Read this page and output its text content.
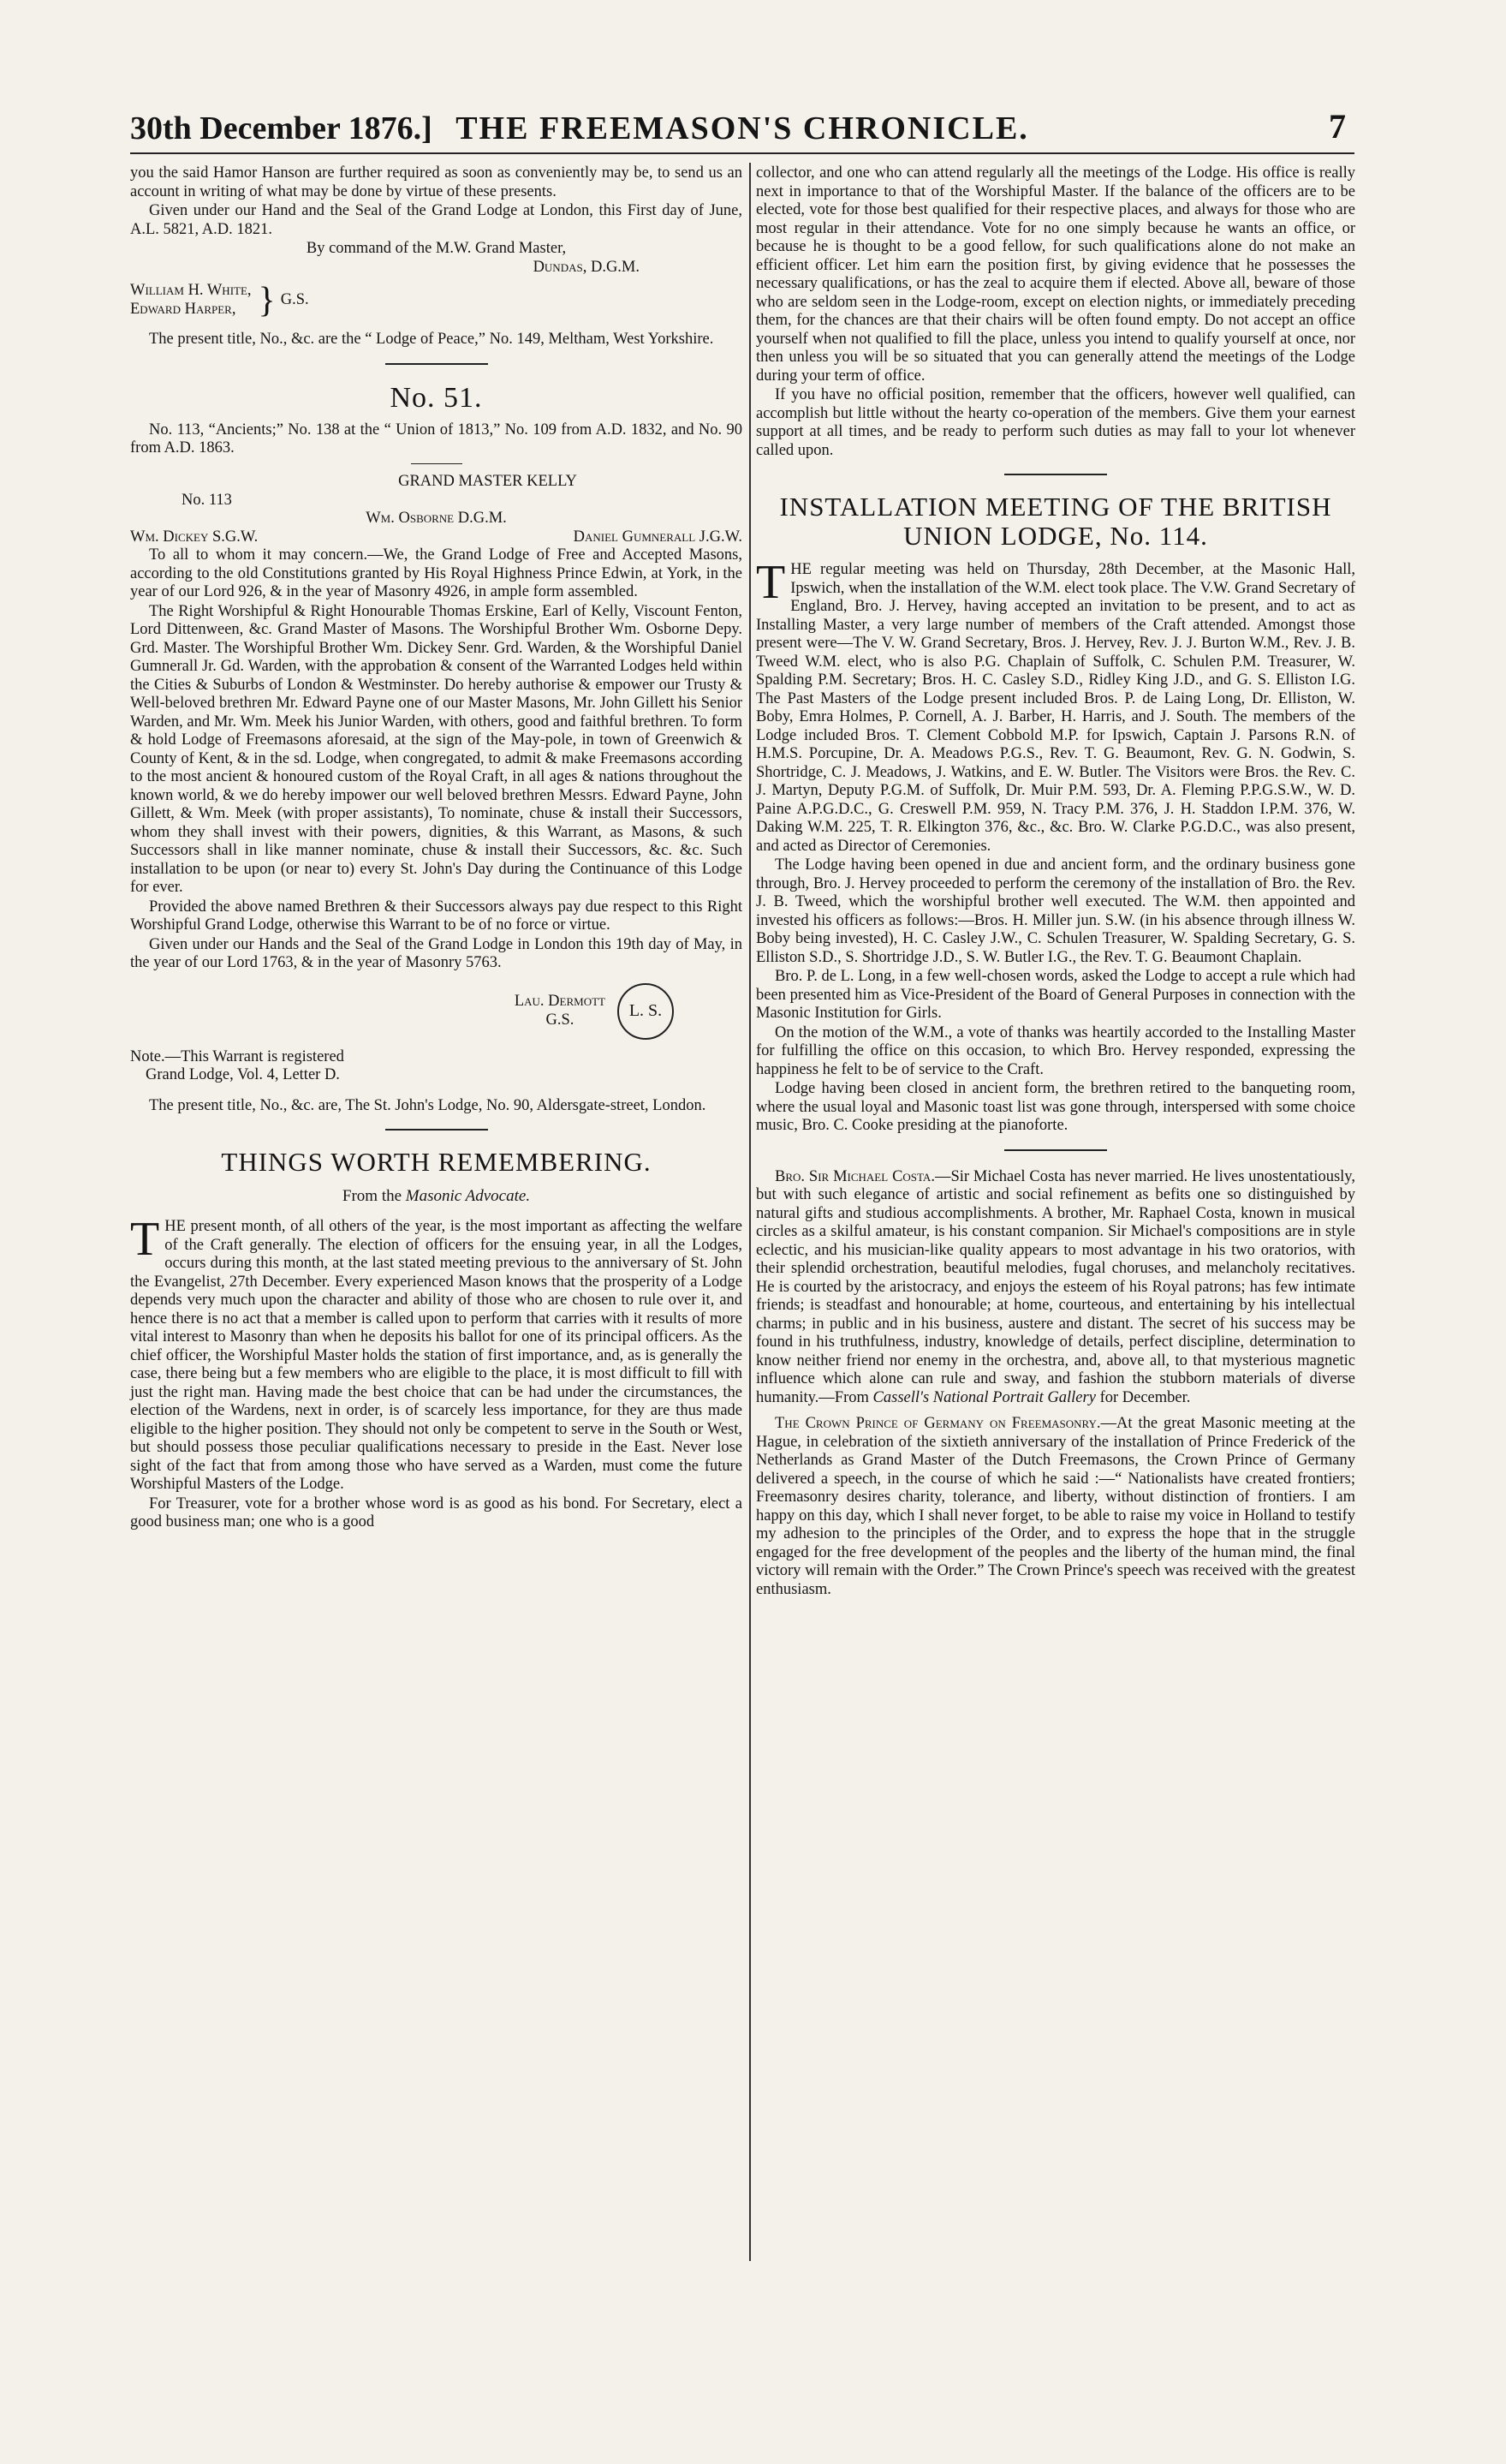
30th December 1876.] THE FREEMASON'S CHRONICLE.	7

you the said Hamor Hanson are further required as soon as conveniently may be, to send us an account in writing of what may be done by virtue of these presents.

Given under our Hand and the Seal of the Grand Lodge at London, this First day of June, A.L. 5821, A.D. 1821.

By command of the M.W. Grand Master,

Dundas, D.G.M.

William H. White,
Edward Harper, } G.S.

The present title, No., &c. are the “ Lodge of Peace,” No. 149, Meltham, West Yorkshire.

No. 51.

No. 113, “Ancients;” No. 138 at the “ Union of 1813,” No. 109 from A.D. 1832, and No. 90 from A.D. 1863.

GRAND MASTER KELLY

No. 113

Wm. Osborne D.G.M.

Wm. Dickey S.G.W.	Daniel Gumnerall J.G.W.

To all to whom it may concern.—We, the Grand Lodge of Free and Accepted Masons, according to the old Constitutions granted by His Royal Highness Prince Edwin, at York, in the year of our Lord 926, & in the year of Masonry 4926, in ample form assembled.

The Right Worshipful & Right Honourable Thomas Erskine, Earl of Kelly, Viscount Fenton, Lord Dittenween, &c. Grand Master of Masons. The Worshipful Brother Wm. Osborne Depy. Grd. Master. The Worshipful Brother Wm. Dickey Senr. Grd. Warden, & the Worshipful Daniel Gumnerall Jr. Gd. Warden, with the approbation & consent of the Warranted Lodges held within the Cities & Suburbs of London & Westminster. Do hereby authorise & empower our Trusty & Well-beloved brethren Mr. Edward Payne one of our Master Masons, Mr. John Gillett his Senior Warden, and Mr. Wm. Meek his Junior Warden, with others, good and faithful brethren. To form & hold Lodge of Freemasons aforesaid, at the sign of the May-pole, in town of Greenwich & County of Kent, & in the sd. Lodge, when congregated, to admit & make Freemasons according to the most ancient & honoured custom of the Royal Craft, in all ages & nations throughout the known world, & we do hereby impower our well beloved brethren Messrs. Edward Payne, John Gillett, & Wm. Meek (with proper assistants), To nominate, chuse & install their Successors, whom they shall invest with their powers, dignities, & this Warrant, as Masons, & such Successors shall in like manner nominate, chuse & install their Successors, &c. &c. Such installation to be upon (or near to) every St. John's Day during the Continuance of this Lodge for ever.

Provided the above named Brethren & their Successors always pay due respect to this Right Worshipful Grand Lodge, otherwise this Warrant to be of no force or virtue.

Given under our Hands and the Seal of the Grand Lodge in London this 19th day of May, in the year of our Lord 1763, & in the year of Masonry 5763.

Lau. Dermott
G.S.	L. S.

Note.—This Warrant is registered

Grand Lodge, Vol. 4, Letter D.

The present title, No., &c. are, The St. John's Lodge, No. 90, Aldersgate-street, London.

THINGS WORTH REMEMBERING.

From the Masonic Advocate.

THE present month, of all others of the year, is the most important as affecting the welfare of the Craft generally. The election of officers for the ensuing year, in all the Lodges, occurs during this month, at the last stated meeting previous to the anniversary of St. John the Evangelist, 27th December. Every experienced Mason knows that the prosperity of a Lodge depends very much upon the character and ability of those who are chosen to rule over it, and hence there is no act that a member is called upon to perform that carries with it results of more vital interest to Masonry than when he deposits his ballot for one of its principal officers. As the chief officer, the Worshipful Master holds the station of first importance, and, as is generally the case, there being but a few members who are eligible to the place, it is most difficult to fill with just the right man. Having made the best choice that can be had under the circumstances, the election of the Wardens, next in order, is of scarcely less importance, for they are thus made eligible to the higher position. They should not only be competent to serve in the South or West, but should possess those peculiar qualifications necessary to preside in the East. Never lose sight of the fact that from among those who have served as a Warden, must come the future Worshipful Masters of the Lodge.

For Treasurer, vote for a brother whose word is as good as his bond. For Secretary, elect a good business man; one who is a good

collector, and one who can attend regularly all the meetings of the Lodge. His office is really next in importance to that of the Worshipful Master. If the balance of the officers are to be elected, vote for those best qualified for their respective places, and always for those who are most regular in their attendance. Vote for no one simply because he wants an office, or because he is thought to be a good fellow, for such qualifications alone do not make an efficient officer. Let him earn the position first, by giving evidence that he possesses the necessary qualifications, or has the zeal to acquire them if elected. Above all, beware of those who are seldom seen in the Lodge-room, except on election nights, or immediately preceding them, for the chances are that their chairs will be often found empty. Do not accept an office yourself when not qualified to fill the place, unless you intend to qualify yourself at once, nor then unless you will be so situated that you can generally attend the meetings of the Lodge during your term of office.

If you have no official position, remember that the officers, however well qualified, can accomplish but little without the hearty co-operation of the members. Give them your earnest support at all times, and be ready to perform such duties as may fall to your lot whenever called upon.

INSTALLATION MEETING OF THE BRITISH UNION LODGE, No. 114.

THE regular meeting was held on Thursday, 28th December, at the Masonic Hall, Ipswich, when the installation of the W.M. elect took place. The V.W. Grand Secretary of England, Bro. J. Hervey, having accepted an invitation to be present, and to act as Installing Master, a very large number of members of the Craft attended. Amongst those present were—The V. W. Grand Secretary, Bros. J. Hervey, Rev. J. J. Burton W.M., Rev. J. B. Tweed W.M. elect, who is also P.G. Chaplain of Suffolk, C. Schulen P.M. Treasurer, W. Spalding P.M. Secretary; Bros. H. C. Casley S.D., Ridley King J.D., and G. S. Elliston I.G. The Past Masters of the Lodge present included Bros. P. de Laing Long, Dr. Elliston, W. Boby, Emra Holmes, P. Cornell, A. J. Barber, H. Harris, and J. South. The members of the Lodge included Bros. T. Clement Cobbold M.P. for Ipswich, Captain J. Parsons R.N. of H.M.S. Porcupine, Dr. A. Meadows P.G.S., Rev. T. G. Beaumont, Rev. G. N. Godwin, S. Shortridge, C. J. Meadows, J. Watkins, and E. W. Butler. The Visitors were Bros. the Rev. C. J. Martyn, Deputy P.G.M. of Suffolk, Dr. Muir P.M. 593, Dr. A. Fleming P.P.G.S.W., W. D. Paine A.P.G.D.C., G. Creswell P.M. 959, N. Tracy P.M. 376, J. H. Staddon I.P.M. 376, W. Daking W.M. 225, T. R. Elkington 376, &c., &c. Bro. W. Clarke P.G.D.C., was also present, and acted as Director of Ceremonies.

The Lodge having been opened in due and ancient form, and the ordinary business gone through, Bro. J. Hervey proceeded to perform the ceremony of the installation of Bro. the Rev. J. B. Tweed, which the worshipful brother well executed. The W.M. then appointed and invested his officers as follows:—Bros. H. Miller jun. S.W. (in his absence through illness W. Boby being invested), H. C. Casley J.W., C. Schulen Treasurer, W. Spalding Secretary, G. S. Elliston S.D., S. Shortridge J.D., S. W. Butler I.G., the Rev. T. G. Beaumont Chaplain.

Bro. P. de L. Long, in a few well-chosen words, asked the Lodge to accept a rule which had been presented him as Vice-President of the Board of General Purposes in connection with the Masonic Institution for Girls.

On the motion of the W.M., a vote of thanks was heartily accorded to the Installing Master for fulfilling the office on this occasion, to which Bro. Hervey responded, expressing the happiness he felt to be of service to the Craft.

Lodge having been closed in ancient form, the brethren retired to the banqueting room, where the usual loyal and Masonic toast list was gone through, interspersed with some choice music, Bro. C. Cooke presiding at the pianoforte.

Bro. Sir Michael Costa.—Sir Michael Costa has never married. He lives unostentatiously, but with such elegance of artistic and social refinement as befits one so distinguished by natural gifts and studious accomplishments. A brother, Mr. Raphael Costa, known in musical circles as a skilful amateur, is his constant companion. Sir Michael's compositions are in style eclectic, and his musician-like quality appears to most advantage in his two oratorios, with their splendid orchestration, beautiful melodies, fugal choruses, and melancholy recitatives. He is courted by the aristocracy, and enjoys the esteem of his Royal patrons; has few intimate friends; is steadfast and honourable; at home, courteous, and entertaining by his intellectual charms; in public and in his business, austere and distant. The secret of his success may be found in his truthfulness, industry, knowledge of details, perfect discipline, determination to know neither friend nor enemy in the orchestra, and, above all, to that mysterious magnetic influence which alone can rule and sway, and fashion the stubborn materials of diverse humanity.—From Cassell's National Portrait Gallery for December.

The Crown Prince of Germany on Freemasonry.—At the great Masonic meeting at the Hague, in celebration of the sixtieth anniversary of the installation of Prince Frederick of the Netherlands as Grand Master of the Dutch Freemasons, the Crown Prince of Germany delivered a speech, in the course of which he said :—“ Nationalists have created frontiers; Freemasonry desires charity, tolerance, and liberty, without distinction of frontiers. I am happy on this day, which I shall never forget, to be able to raise my voice in Holland to testify my adhesion to the principles of the Order, and to express the hope that in the struggle engaged for the free development of the peoples and the liberty of the human mind, the final victory will remain with the Order.” The Crown Prince's speech was received with the greatest enthusiasm.
